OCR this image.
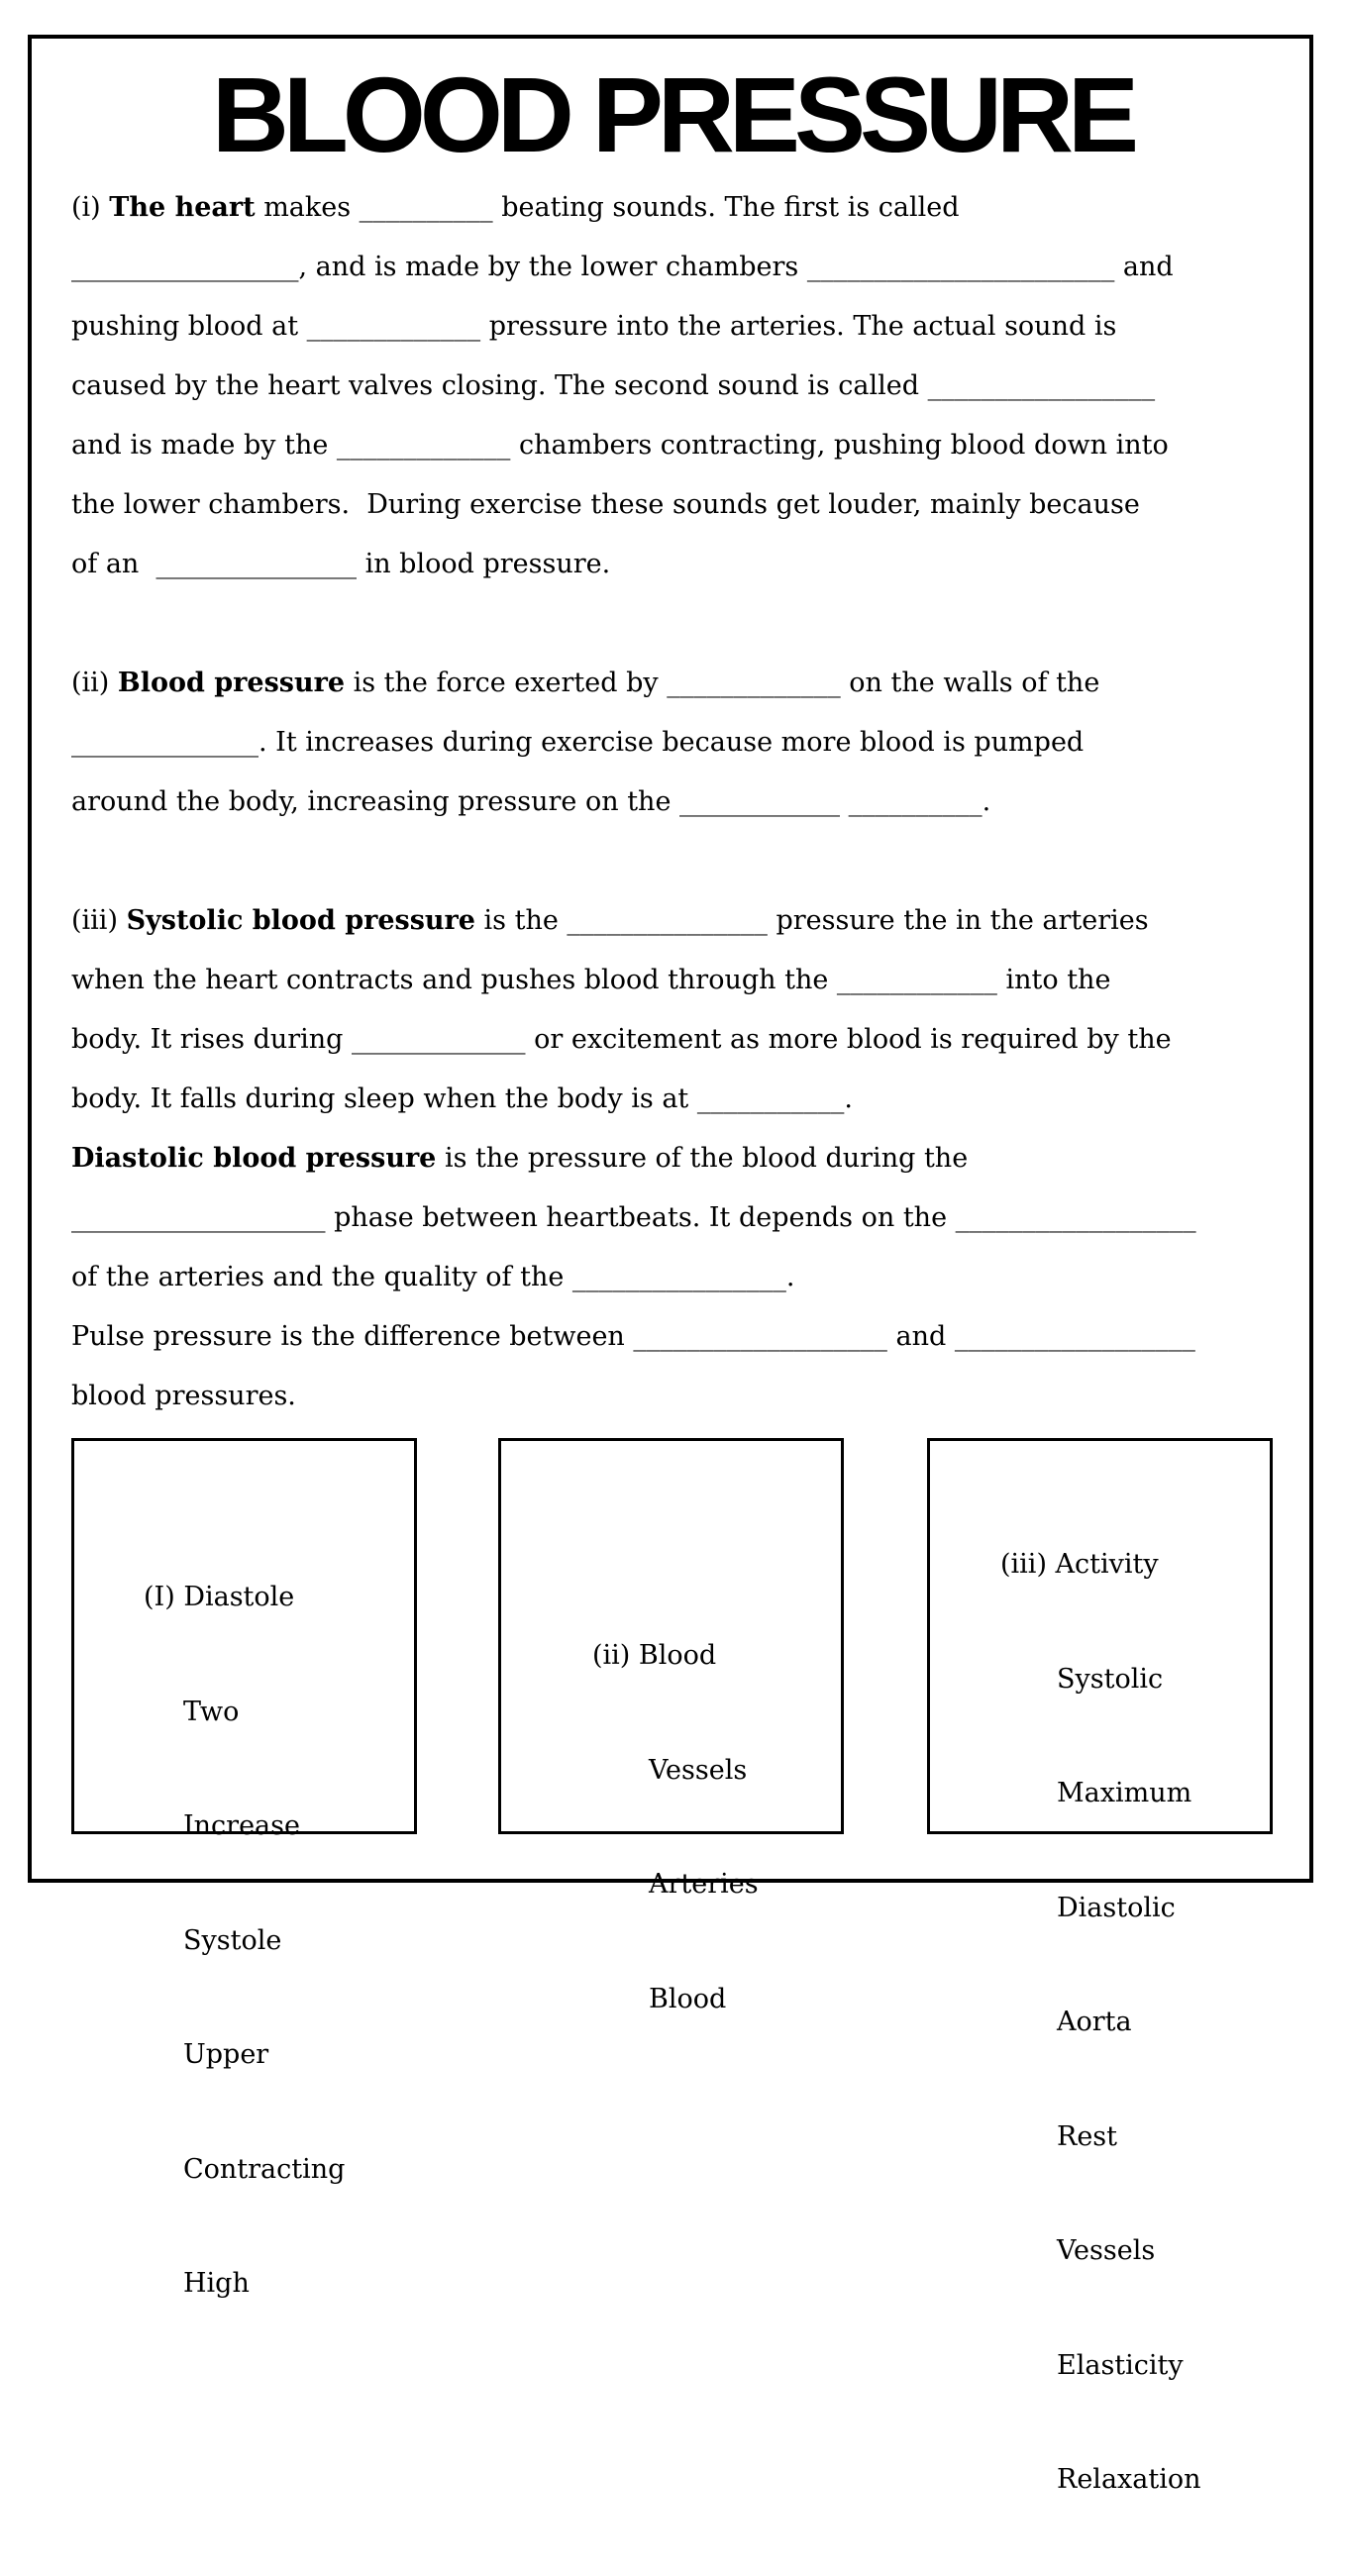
BLOOD PRESSURE
(i) The heart makes __________ beating sounds. The first is called
_________________, and is made by the lower chambers _______________________ and
pushing blood at _____________ pressure into the arteries. The actual sound is
caused by the heart valves closing. The second sound is called _________________
and is made by the _____________ chambers contracting, pushing blood down into
the lower chambers.  During exercise these sounds get louder, mainly because
of an  _______________ in blood pressure.
(ii) Blood pressure is the force exerted by _____________ on the walls of the
______________. It increases during exercise because more blood is pumped
around the body, increasing pressure on the ____________ __________.
(iii) Systolic blood pressure is the _______________ pressure the in the arteries
when the heart contracts and pushes blood through the ____________ into the
body. It rises during _____________ or excitement as more blood is required by the
body. It falls during sleep when the body is at ___________.
Diastolic blood pressure is the pressure of the blood during the
___________________ phase between heartbeats. It depends on the __________________
of the arteries and the quality of the ________________.
Pulse pressure is the difference between ___________________ and __________________
blood pressures.

(I) Diastole

Two

Increase

Systole

Upper

Contracting

High

(ii) Blood

Vessels

Arteries

Blood

(iii) Activity

Systolic

Maximum

Diastolic

Aorta

Rest

Vessels

Elasticity

Relaxation
